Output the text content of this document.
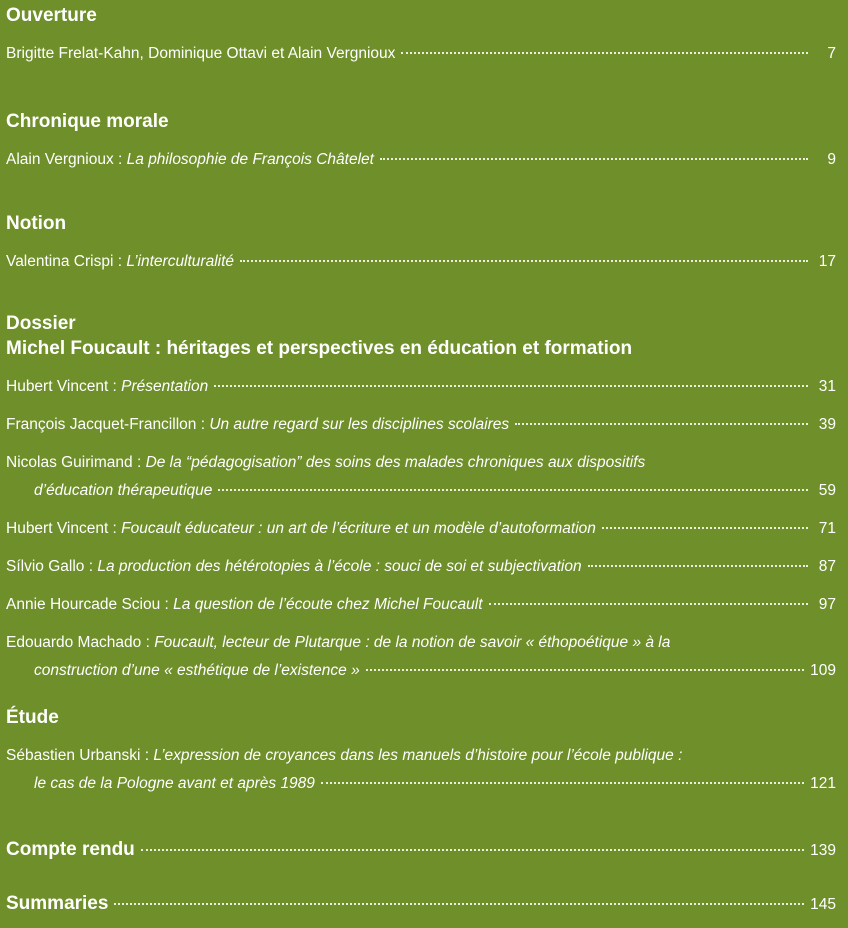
Ouverture
Brigitte Frelat-Kahn, Dominique Ottavi et Alain Vergnioux	7
Chronique morale
Alain Vergnioux : La philosophie de François Châtelet	9
Notion
Valentina Crispi : L’interculturalité	17
Dossier
Michel Foucault : héritages et perspectives en éducation et formation
Hubert Vincent : Présentation	31
François Jacquet-Francillon : Un autre regard sur les disciplines scolaires	39
Nicolas Guirimand : De la “pédagogisation” des soins des malades chroniques aux dispositifs
d’éducation thérapeutique	59
Hubert Vincent : Foucault éducateur : un art de l’écriture et un modèle d’autoformation	71
Sílvio Gallo : La production des hétérotopies à l’école : souci de soi et subjectivation	87
Annie Hourcade Sciou : La question de l’écoute chez Michel Foucault	97
Edouardo Machado : Foucault, lecteur de Plutarque : de la notion de savoir « éthopoétique » à la
construction d’une « esthétique de l’existence »	109
Étude
Sébastien Urbanski : L’expression de croyances dans les manuels d’histoire pour l’école publique :
le cas de la Pologne avant et après 1989	121
Compte rendu	139
Summaries	145
